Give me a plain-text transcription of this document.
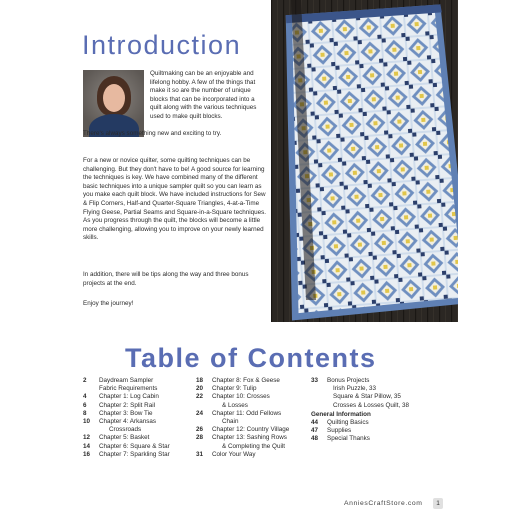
Introduction

Quiltmaking can be an enjoyable and lifelong hobby. A few of the things that make it so are the number of unique blocks that can be incorporated into a quilt along with the various techniques used to make quilt blocks.

There's always something new and exciting to try.

For a new or novice quilter, some quilting techniques can be challenging. But they don't have to be! A good source for learning the techniques is key. We have combined many of the different basic techniques into a unique sampler quilt so you can learn as you make each quilt block. We have included instructions for Sew & Flip Corners, Half-and Quarter-Square Triangles, 4-at-a-Time Flying Geese, Partial Seams and Square-in-a-Square techniques. As you progress through the quilt, the blocks will become a little more challenging, allowing you to improve on your newly learned skills.

In addition, there will be tips along the way and three bonus projects at the end.

Enjoy the journey!

Table of Contents
2	Daydream Sampler
Fabric Requirements
4	Chapter 1: Log Cabin
6	Chapter 2: Split Rail
8	Chapter 3: Bow Tie
10	Chapter 4: Arkansas
Crossroads
12	Chapter 5: Basket
14	Chapter 6: Square & Star
16	Chapter 7: Sparkling Star
18	Chapter 8: Fox & Geese
20	Chapter 9: Tulip
22	Chapter 10: Crosses
& Losses
24	Chapter 11: Odd Fellows
Chain
26	Chapter 12: Country Village
28	Chapter 13: Sashing Rows
& Completing the Quilt
31	Color Your Way
33	Bonus Projects
Irish Puzzle, 33
Square & Star Pillow, 35
Crosses & Losses Quilt, 38
General Information
44	Quilting Basics
47	Supplies
48	Special Thanks
AnniesCraftStore.com	1
